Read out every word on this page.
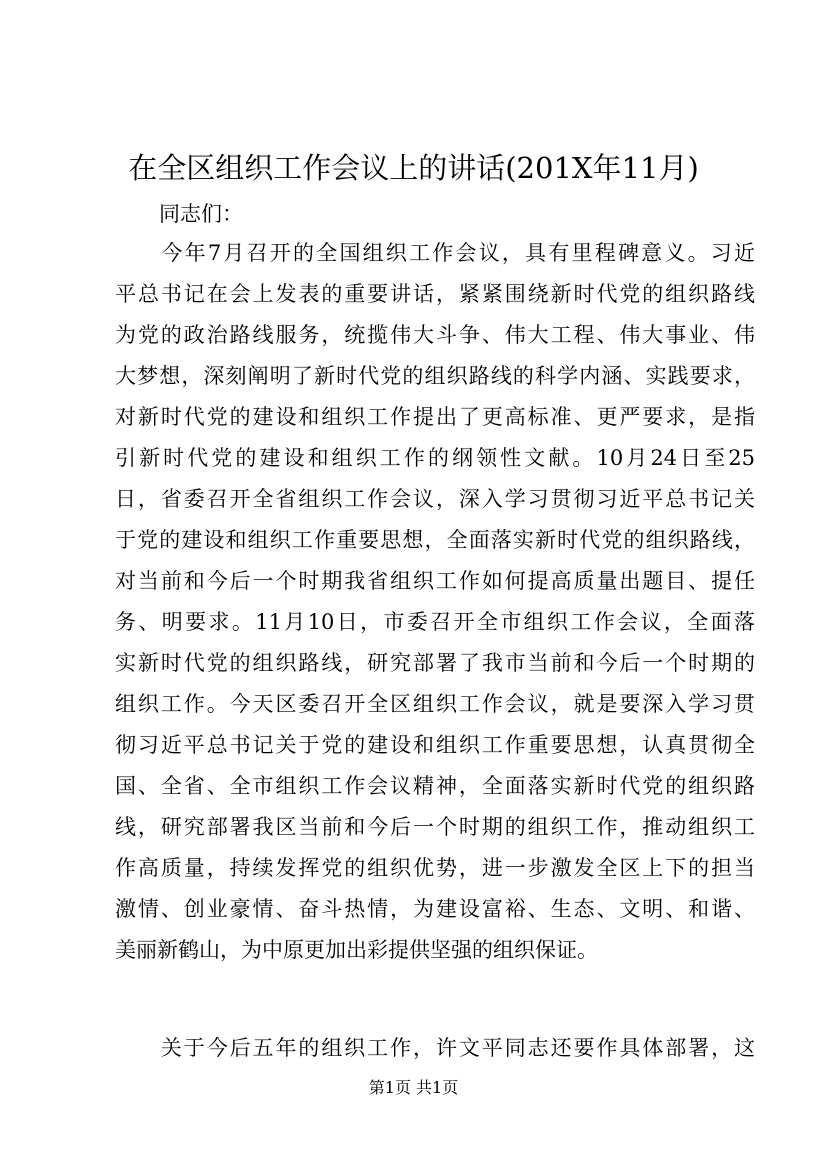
在全区组织工作会议上的讲话(201X年11月)
同志们：
　　今年7月召开的全国组织工作会议，具有里程碑意义。习近
平总书记在会上发表的重要讲话，紧紧围绕新时代党的组织路线
为党的政治路线服务，统揽伟大斗争、伟大工程、伟大事业、伟
大梦想，深刻阐明了新时代党的组织路线的科学内涵、实践要求，
对新时代党的建设和组织工作提出了更高标准、更严要求，是指
引新时代党的建设和组织工作的纲领性文献。10月24日至25
日，省委召开全省组织工作会议，深入学习贯彻习近平总书记关
于党的建设和组织工作重要思想，全面落实新时代党的组织路线，
对当前和今后一个时期我省组织工作如何提高质量出题目、提任
务、明要求。11月10日，市委召开全市组织工作会议，全面落
实新时代党的组织路线，研究部署了我市当前和今后一个时期的
组织工作。今天区委召开全区组织工作会议，就是要深入学习贯
彻习近平总书记关于党的建设和组织工作重要思想，认真贯彻全
国、全省、全市组织工作会议精神，全面落实新时代党的组织路
线，研究部署我区当前和今后一个时期的组织工作，推动组织工
作高质量，持续发挥党的组织优势，进一步激发全区上下的担当
激情、创业豪情、奋斗热情，为建设富裕、生态、文明、和谐、
美丽新鹤山，为中原更加出彩提供坚强的组织保证。
　　关于今后五年的组织工作，许文平同志还要作具体部署，这
第1页 共1页
